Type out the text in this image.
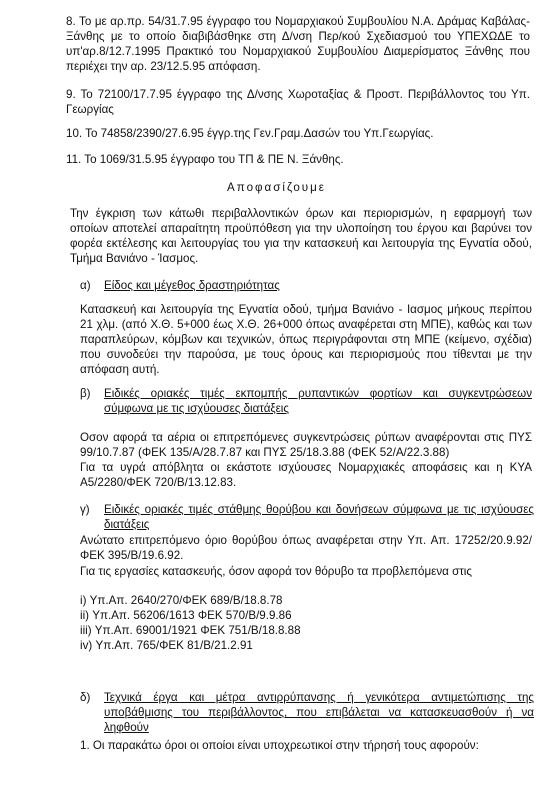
8. Το με αρ.πρ. 54/31.7.95 έγγραφο του Νομαρχιακού Συμβουλίου Ν.Α. Δράμας Καβάλας-Ξάνθης με το οποίο διαβιβάσθηκε στη Δ/νση Περ/κού Σχεδιασμού του ΥΠΕΧΩΔΕ το υπ'αρ.8/12.7.1995 Πρακτικό του Νομαρχιακού Συμβουλίου Διαμερίσματος Ξάνθης που περιέχει την αρ. 23/12.5.95 απόφαση.
9. Το 72100/17.7.95 έγγραφο της Δ/νσης Χωροταξίας & Προστ. Περιβάλλοντος του Υπ. Γεωργίας
10. Το 74858/2390/27.6.95 έγγρ.της Γεν.Γραμ.Δασών του Υπ.Γεωργίας.
11. Το 1069/31.5.95 έγγραφο του ΤΠ & ΠΕ Ν. Ξάνθης.
Αποφασίζουμε
Την έγκριση των κάτωθι περιβαλλοντικών όρων και περιορισμών, η εφαρμογή των οποίων αποτελεί απαραίτητη προϋπόθεση για την υλοποίηση του έργου και βαρύνει τον φορέα εκτέλεσης και λειτουργίας του για την κατασκευή και λειτουργία της Εγνατία οδού, Τμήμα Βανιάνο - Ίασμος.
α) Είδος και μέγεθος δραστηριότητας
Κατασκευή και λειτουργία της Εγνατία οδού, τμήμα Βανιάνο - Ιασμος μήκους περίπου 21 χλμ. (από Χ.Θ. 5+000 έως Χ.Θ. 26+000 όπως αναφέρεται στη ΜΠΕ), καθώς και των παραπλεύρων, κόμβων και τεχνικών, όπως περιγράφονται στη ΜΠΕ (κείμενο, σχέδια) που συνοδεύει την παρούσα, με τους όρους και περιορισμούς που τίθενται με την απόφαση αυτή.
β) Ειδικές οριακές τιμές εκπομπής ρυπαντικών φορτίων και συγκεντρώσεων σύμφωνα με τις ισχύουσες διατάξεις
Οσον αφορά τα αέρια οι επιτρεπόμενες συγκεντρώσεις ρύπων αναφέρονται στις ΠΥΣ 99/10.7.87 (ΦΕΚ 135/Α/28.7.87 και ΠΥΣ 25/18.3.88 (ΦΕΚ 52/Α/22.3.88)
Για τα υγρά απόβλητα οι εκάστοτε ισχύουσες Νομαρχιακές αποφάσεις και η ΚΥΑ Α5/2280/ΦΕΚ 720/Β/13.12.83.
γ) Ειδικές οριακές τιμές στάθμης θορύβου και δονήσεων σύμφωνα με τις ισχύουσες διατάξεις
Ανώτατο επιτρεπόμενο όριο θορύβου όπως αναφέρεται στην Υπ. Απ. 17252/20.9.92/ΦΕΚ 395/Β/19.6.92.
Για τις εργασίες κατασκευής, όσον αφορά τον θόρυβο τα προβλεπόμενα στις
i) Υπ.Απ. 2640/270/ΦΕΚ 689/Β/18.8.78
ii) Υπ.Απ. 56206/1613 ΦΕΚ 570/Β/9.9.86
iii) Υπ.Απ. 69001/1921 ΦΕΚ 751/Β/18.8.88
iv) Υπ.Απ. 765/ΦΕΚ 81/Β/21.2.91
δ) Τεχνικά έργα και μέτρα αντιρρύπανσης ή γενικότερα αντιμετώπισης της υποβάθμισης του περιβάλλοντος, που επιβάλεται να κατασκευασθούν ή να ληφθούν
1. Οι παρακάτω όροι οι οποίοι είναι υποχρεωτικοί στην τήρησή τους αφορούν:
